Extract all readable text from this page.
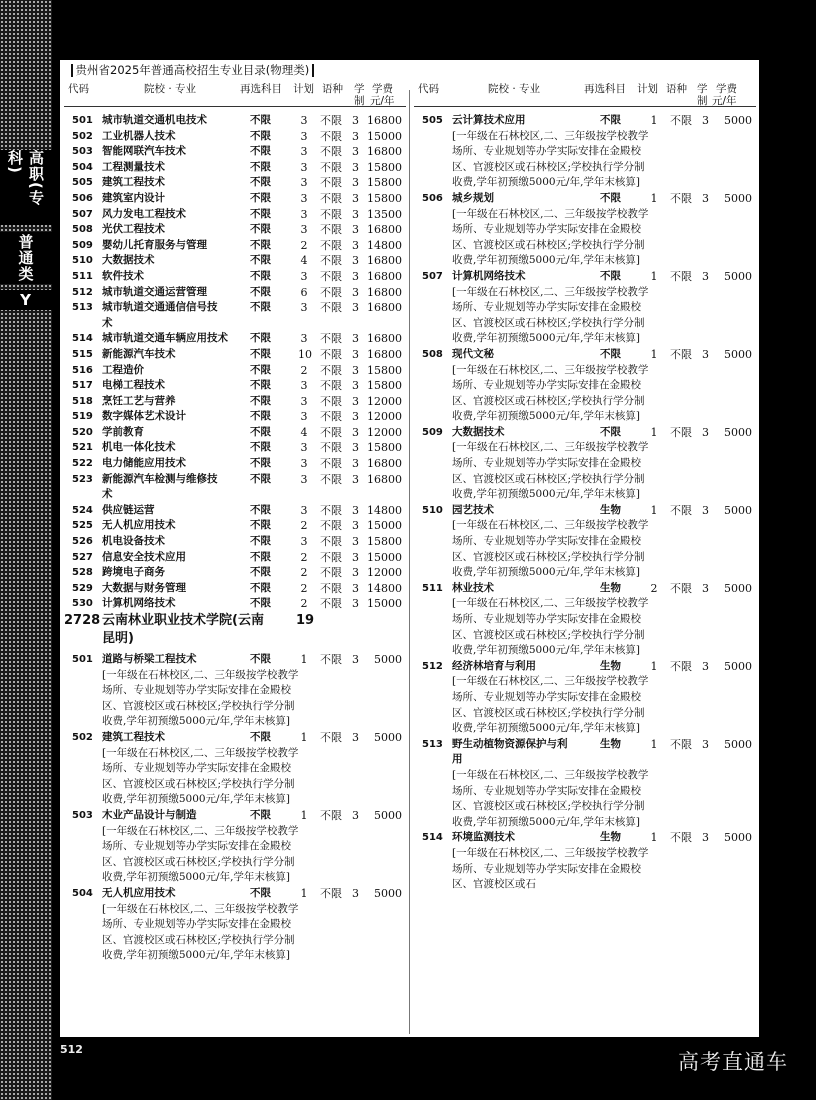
高职(专科)
普通类
Y
贵州省2025年普通高校招生专业目录(物理类)
代码	院校 · 专业	再选科目 计划 语种 学
制
学费
元/年
501 城市轨道交通机电技术	不限	3 不限 3 16800
502 工业机器人技术	不限	3 不限 3 15000
503 智能网联汽车技术	不限	3 不限 3 16800
504 工程测量技术	不限	3 不限 3 15800
505 建筑工程技术	不限	3 不限 3 15800
506 建筑室内设计	不限	3 不限 3 15800
507 风力发电工程技术	不限	3 不限 3 13500
508 光伏工程技术	不限	3 不限 3 16800
509 婴幼儿托育服务与管理	不限	2 不限 3 14800
510 大数据技术	不限	4 不限 3 16800
511 软件技术	不限	3 不限 3 16800
512 城市轨道交通运营管理	不限	6 不限 3 16800
513 城市轨道交通通信信号技	不限	3 不限 3 16800
术
514 城市轨道交通车辆应用技术 不限	3 不限 3 16800
515 新能源汽车技术	不限 10 不限 3 16800
516 工程造价	不限	2 不限 3 15800
517 电梯工程技术	不限	3 不限 3 15800
518 烹饪工艺与营养	不限	3 不限 3 12000
519 数字媒体艺术设计	不限	3 不限 3 12000
520 学前教育	不限	4 不限 3 12000
521 机电一体化技术	不限	3 不限 3 15800
522 电力储能应用技术	不限	3 不限 3 16800
523 新能源汽车检测与维修技	不限	3 不限 3 16800
术
524 供应链运营	不限	3 不限 3 14800
525 无人机应用技术	不限	2 不限 3 15000
526 机电设备技术	不限	3 不限 3 15800
527 信息安全技术应用	不限	2 不限 3 15000
528 跨境电子商务	不限	2 不限 3 12000
529 大数据与财务管理	不限	2 不限 3 14800
530 计算机网络技术	不限	2 不限 3 15000
2728 云南林业职业技术学院(云南 19
昆明)
501 道路与桥梁工程技术	不限	1 不限 3	5000
[一年级在石林校区,二、三年级按学校教学场所、专业规划等办学实际安排在金殿校区、官渡校区或石林校区;学校执行学分制收费,学年初预缴5000元/年,学年末核算]
502 建筑工程技术	不限	1 不限 3	5000
[一年级在石林校区,二、三年级按学校教学场所、专业规划等办学实际安排在金殿校区、官渡校区或石林校区;学校执行学分制收费,学年初预缴5000元/年,学年末核算]
503 木业产品设计与制造	不限	1 不限 3	5000
[一年级在石林校区,二、三年级按学校教学场所、专业规划等办学实际安排在金殿校区、官渡校区或石林校区;学校执行学分制收费,学年初预缴5000元/年,学年末核算]
504 无人机应用技术	不限	1 不限 3	5000
[一年级在石林校区,二、三年级按学校教学场所、专业规划等办学实际安排在金殿校区、官渡校区或石林校区;学校执行学分制收费,学年初预缴5000元/年,学年末核算]
代码	院校 · 专业	再选科目 计划 语种 学
制
学费
元/年
505 云计算技术应用	不限	1 不限 3	5000
[一年级在石林校区,二、三年级按学校教学场所、专业规划等办学实际安排在金殿校区、官渡校区或石林校区;学校执行学分制收费,学年初预缴5000元/年,学年末核算]
506 城乡规划	不限	1 不限 3	5000
[一年级在石林校区,二、三年级按学校教学场所、专业规划等办学实际安排在金殿校区、官渡校区或石林校区;学校执行学分制收费,学年初预缴5000元/年,学年末核算]
507 计算机网络技术	不限	1 不限 3	5000
[一年级在石林校区,二、三年级按学校教学场所、专业规划等办学实际安排在金殿校区、官渡校区或石林校区;学校执行学分制收费,学年初预缴5000元/年,学年末核算]
508 现代文秘	不限	1 不限 3	5000
[一年级在石林校区,二、三年级按学校教学场所、专业规划等办学实际安排在金殿校区、官渡校区或石林校区;学校执行学分制收费,学年初预缴5000元/年,学年末核算]
509 大数据技术	不限	1 不限 3	5000
[一年级在石林校区,二、三年级按学校教学场所、专业规划等办学实际安排在金殿校区、官渡校区或石林校区;学校执行学分制收费,学年初预缴5000元/年,学年末核算]
510 园艺技术	生物	1 不限 3	5000
[一年级在石林校区,二、三年级按学校教学场所、专业规划等办学实际安排在金殿校区、官渡校区或石林校区;学校执行学分制收费,学年初预缴5000元/年,学年末核算]
511 林业技术	生物	2 不限 3	5000
[一年级在石林校区,二、三年级按学校教学场所、专业规划等办学实际安排在金殿校区、官渡校区或石林校区;学校执行学分制收费,学年初预缴5000元/年,学年末核算]
512 经济林培育与利用	生物	1 不限 3	5000
[一年级在石林校区,二、三年级按学校教学场所、专业规划等办学实际安排在金殿校区、官渡校区或石林校区;学校执行学分制收费,学年初预缴5000元/年,学年末核算]
513 野生动植物资源保护与利	生物	1 不限 3	5000
用
[一年级在石林校区,二、三年级按学校教学场所、专业规划等办学实际安排在金殿校区、官渡校区或石林校区;学校执行学分制收费,学年初预缴5000元/年,学年末核算]
514 环境监测技术	生物	1 不限 3	5000
[一年级在石林校区,二、三年级按学校教学场所、专业规划等办学实际安排在金殿校区、官渡校区或石
512
高考直通车
